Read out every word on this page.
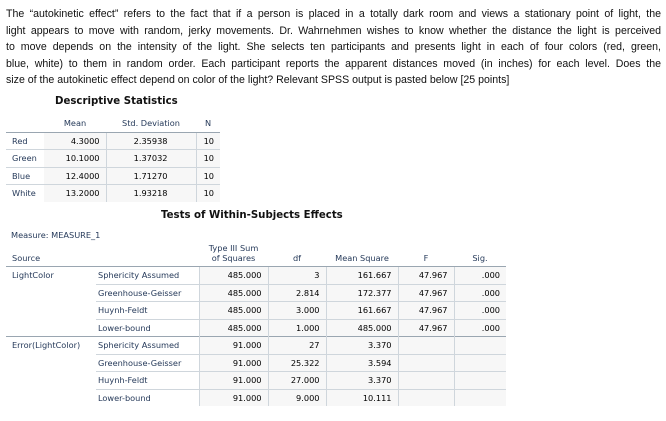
The “autokinetic effect” refers to the fact that if a person is placed in a totally dark room and views a stationary point of light, the
light appears to move with random, jerky movements. Dr. Wahrnehmen wishes to know whether the distance the light is perceived
to move depends on the intensity of the light. She selects ten participants and presents light in each of four colors (red, green,
blue, white) to them in random order. Each participant reports the apparent distances moved (in inches) for each level. Does the
size of the autokinetic effect depend on color of the light? Relevant SPSS output is pasted below [25 points]
Descriptive Statistics
	Mean	Std. Deviation	N
Red	4.3000	2.35938	10
Green	10.1000	1.37032	10
Blue	12.4000	1.71270	10
White	13.2000	1.93218	10
Tests of Within-Subjects Effects
Measure: MEASURE_1
Source		Type III Sum
of Squares	df	Mean Square	F	Sig.
LightColor	Sphericity Assumed	485.000	3	161.667	47.967	.000
	Greenhouse-Geisser	485.000	2.814	172.377	47.967	.000
	Huynh-Feldt	485.000	3.000	161.667	47.967	.000
	Lower-bound	485.000	1.000	485.000	47.967	.000
Error(LightColor)	Sphericity Assumed	91.000	27	3.370		
	Greenhouse-Geisser	91.000	25.322	3.594		
	Huynh-Feldt	91.000	27.000	3.370		
	Lower-bound	91.000	9.000	10.111		
